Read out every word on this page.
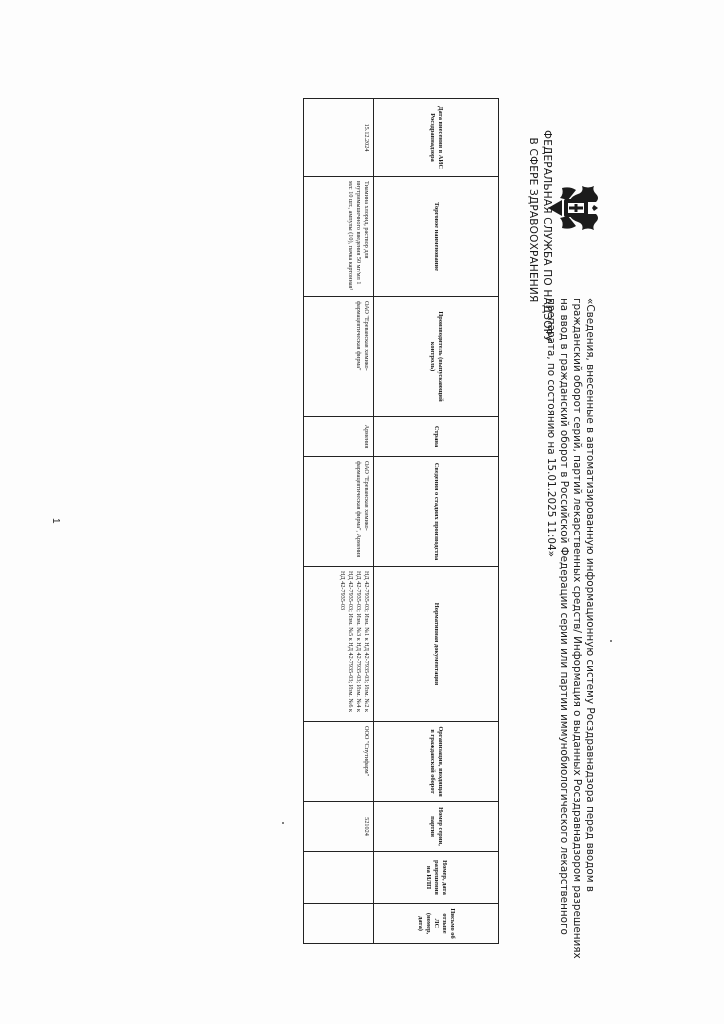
ФЕДЕРАЛЬНАЯ СЛУЖБА ПО НАДЗОРУ
В СФЕРЕ ЗДРАВООХРАНЕНИЯ
«Сведения, внесенные в автоматизированную информационную систему Росздравнадзора перед вводом в
гражданский оборот серий, партий лекарственных средств/ Информация о выданных Росздравнадзором разрешениях
на ввод в гражданский оборот в Российской Федерации серии или партии иммунобиологического лекарственного
препарата, по состоянию на 15.01.2025 11:04»
Дата внесения в АИС Росздравнадзора	Торговое наименование	Производитель (выпускающий контроль)	Страна	Сведения о стадиях производства	Нормативная документация	Организация, вводящая в гражданский оборот	Номер серии, партии	Номер, дата разрешения на ИЛП	Письмо об отзыве ЛС (номер, дата)
15.12.2024	Тиамина хлорид, раствор для внутримышечного введения 50 мг/мл 1 мл: 10 шт., ампулы (10), пачка картонная¹	ОАО "Ереванская химико-фармацевтическая фирма"	Армения	ОАО "Ереванская химико-фармацевтическая фирма", Армения	НД 42-7935-03; Изм. №1 к НД 42-7935-03; Изм. №2 к НД 42-7935-03; Изм. №3 к НД 42-7935-03; Изм. №4 к НД 42-7935-03; Изм. №5 к НД 42-7935-03; Изм. №6 к НД 42-7935-03	ООО "Спутифарм"	521024		
1
